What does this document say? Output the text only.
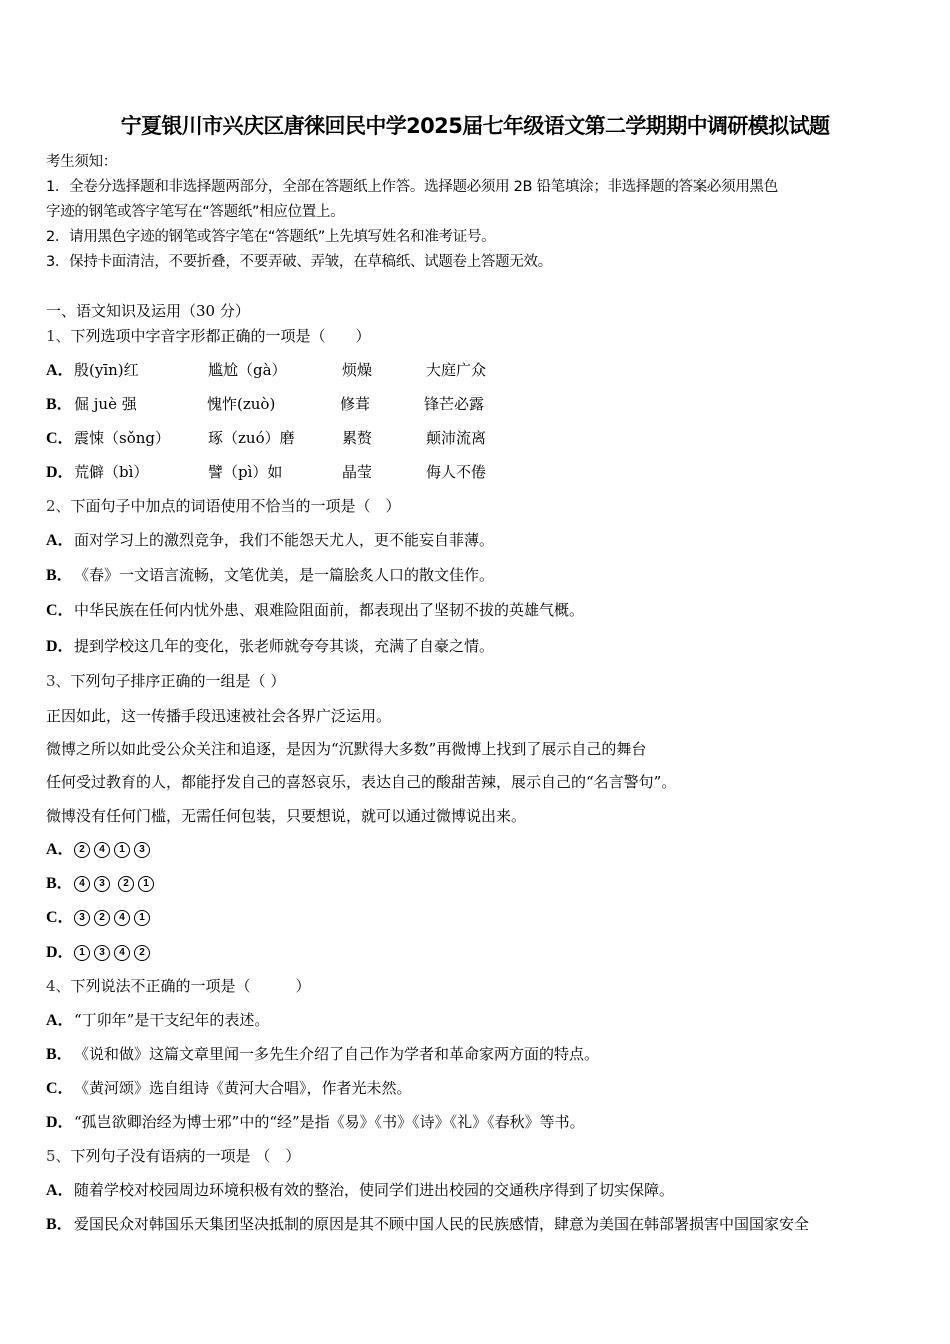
宁夏银川市兴庆区唐徕回民中学2025届七年级语文第二学期期中调研模拟试题
考生须知：
1．全卷分选择题和非选择题两部分，全部在答题纸上作答。选择题必须用 2B 铅笔填涂；非选择题的答案必须用黑色
字迹的钢笔或答字笔写在“答题纸”相应位置上。
2．请用黑色字迹的钢笔或答字笔在“答题纸”上先填写姓名和准考证号。
3．保持卡面清洁，不要折叠，不要弄破、弄皱，在草稿纸、试题卷上答题无效。
一、语文知识及运用（30 分）
1、下列选项中字音字形都正确的一项是（　　）
A．殷(yīn)红	尴尬（gà）	烦燥	大庭广众
B．倔 juè 强	愧怍(zuò)	修葺	锋芒必露
C．震悚（sǒng）	琢（zuó）磨	累赘	颠沛流离
D．荒僻（bì）	譬（pì）如	晶莹	侮人不倦
2、下面句子中加点的词语使用不恰当的一项是（　）
A．面对学习上的激烈竞争，我们不能怨天尤人，更不能妄自菲薄。
B．《春》一文语言流畅，文笔优美，是一篇脍炙人口的散文佳作。
C．中华民族在任何内忧外患、艰难险阻面前，都表现出了坚韧不拔的英雄气概。
D．提到学校这几年的变化，张老师就夸夸其谈，充满了自豪之情。
3、下列句子排序正确的一组是（ ）
正因如此，这一传播手段迅速被社会各界广泛运用。
微博之所以如此受公众关注和追逐，是因为“沉默得大多数”再微博上找到了展示自己的舞台
任何受过教育的人，都能抒发自己的喜怒哀乐，表达自己的酸甜苦辣，展示自己的“名言警句”。
微博没有任何门槛，无需任何包装，只要想说，就可以通过微博说出来。
A． 2 4 1 3
B． 4 3 2 1
C． 3 2 4 1
D． 1 3 4 2
4、下列说法不正确的一项是（　　　）
A．“丁卯年”是干支纪年的表述。
B．《说和做》这篇文章里闻一多先生介绍了自己作为学者和革命家两方面的特点。
C．《黄河颂》选自组诗《黄河大合唱》，作者光未然。
D．“孤岂欲卿治经为博士邪”中的“经”是指《易》《书》《诗》《礼》《春秋》等书。
5、下列句子没有语病的一项是 （　）
A．随着学校对校园周边环境积极有效的整治，使同学们进出校园的交通秩序得到了切实保障。
B．爱国民众对韩国乐天集团坚决抵制的原因是其不顾中国人民的民族感情，肆意为美国在韩部署损害中国国家安全
